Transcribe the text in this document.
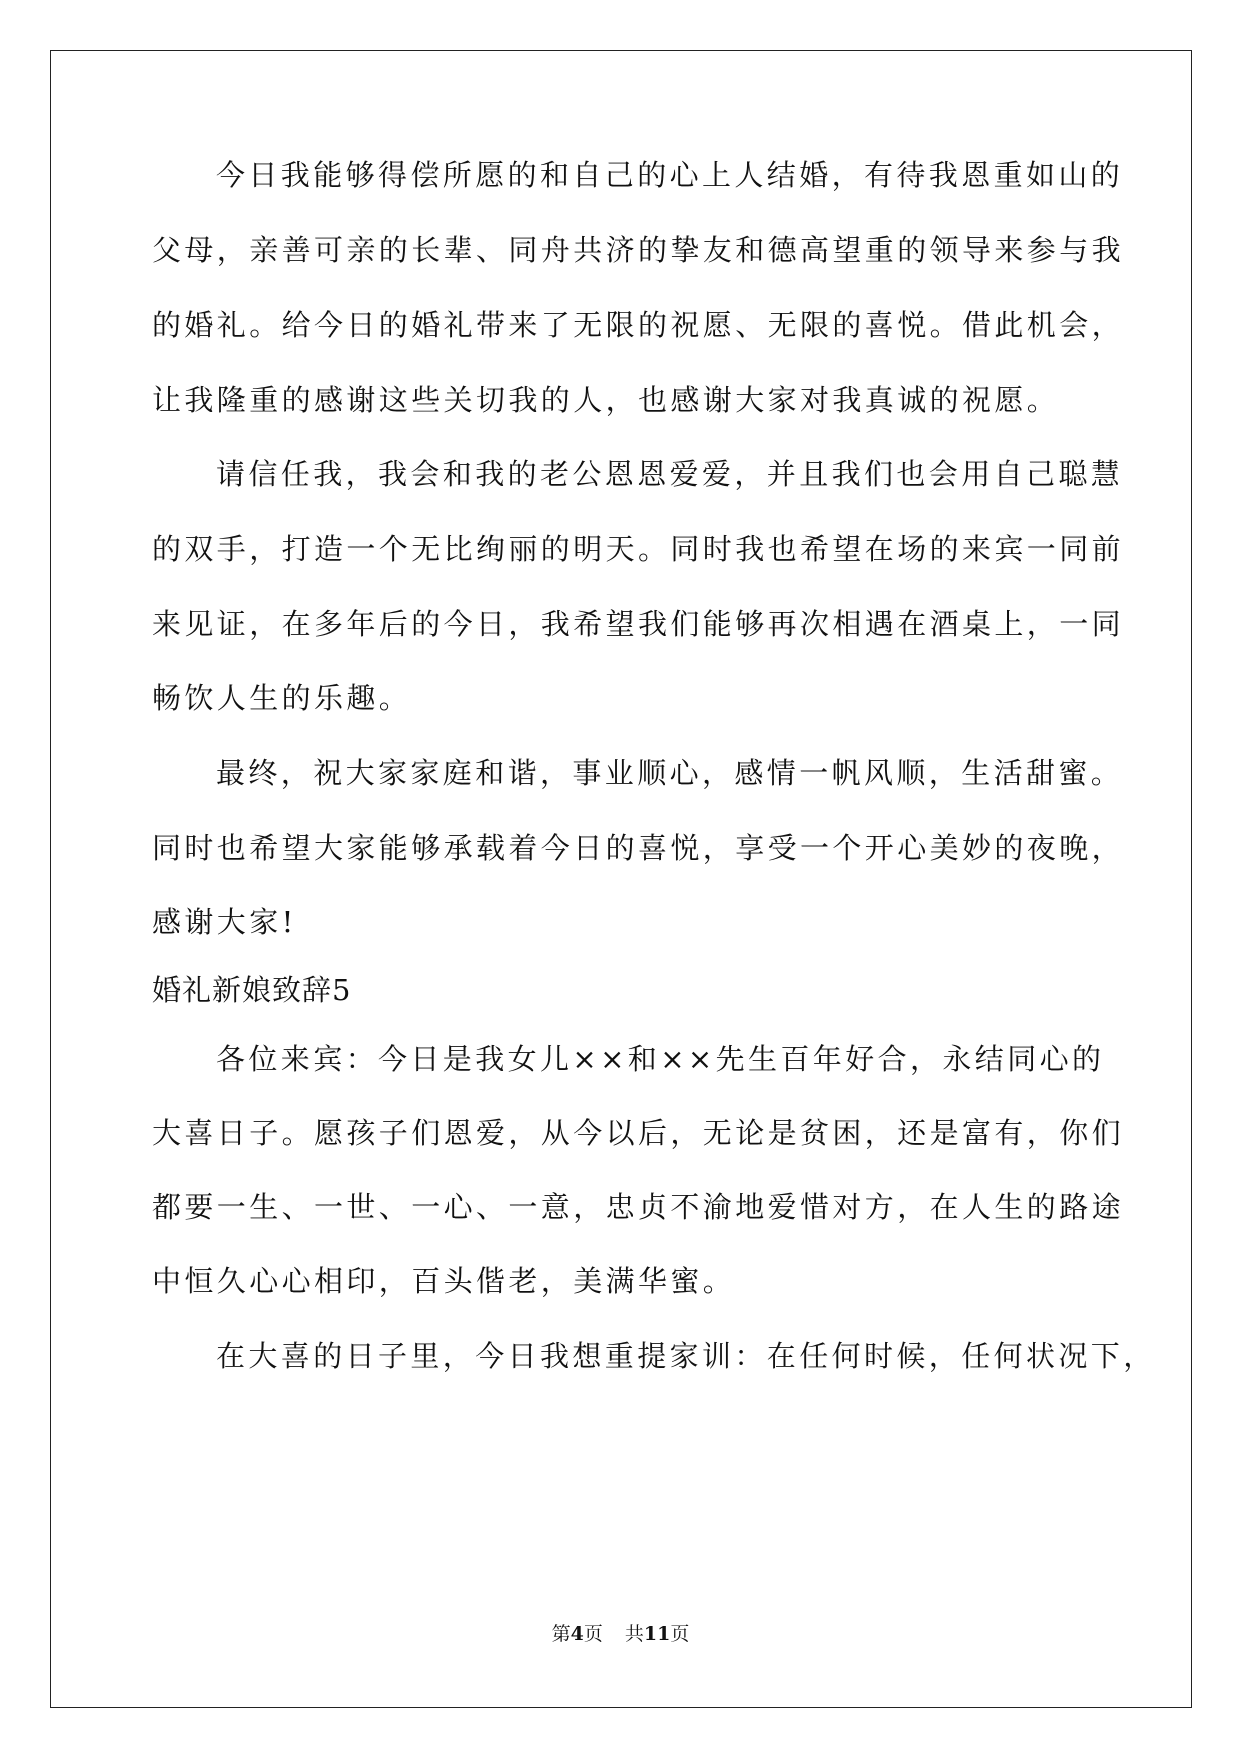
今日我能够得偿所愿的和自己的心上人结婚，有待我恩重如山的
父母，亲善可亲的长辈、同舟共济的挚友和德高望重的领导来参与我
的婚礼。给今日的婚礼带来了无限的祝愿、无限的喜悦。借此机会，
让我隆重的感谢这些关切我的人，也感谢大家对我真诚的祝愿。
请信任我，我会和我的老公恩恩爱爱，并且我们也会用自己聪慧
的双手，打造一个无比绚丽的明天。同时我也希望在场的来宾一同前
来见证，在多年后的今日，我希望我们能够再次相遇在酒桌上，一同
畅饮人生的乐趣。
最终，祝大家家庭和谐，事业顺心，感情一帆风顺，生活甜蜜。
同时也希望大家能够承载着今日的喜悦，享受一个开心美妙的夜晚，
感谢大家!
婚礼新娘致辞5
各位来宾：今日是我女儿××和××先生百年好合，永结同心的
大喜日子。愿孩子们恩爱，从今以后，无论是贫困，还是富有，你们
都要一生、一世、一心、一意，忠贞不渝地爱惜对方，在人生的路途
中恒久心心相印，百头偕老，美满华蜜。
在大喜的日子里，今日我想重提家训：在任何时候，任何状况下，
第4页 共11页
